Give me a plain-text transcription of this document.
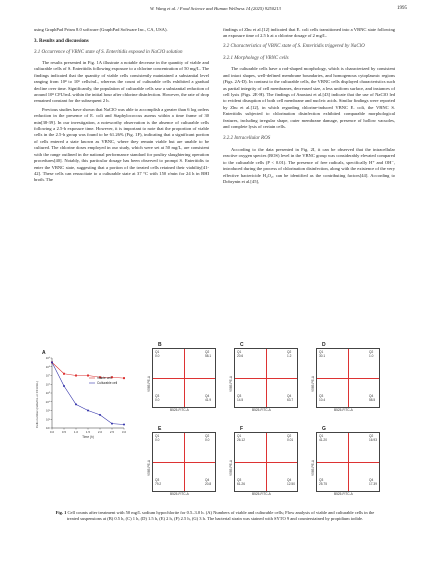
W. Wang et al. / Food Science and Human Wellness 14 (2025) 9250213	1995

using GraphPad Prism 8.0 software (GraphPad Software Inc., CA, USA).

3. Results and discussions
3.1 Occurrence of VBNC state of S. Enteritidis exposed in NaClO solution

The results presented in Fig. 1A illustrate a notable decrease in the quantity of viable and culturable cells of S. Enteritidis following exposure to a chlorine concentration of 50 mg/L. The findings indicated that the quantity of viable cells consistently maintained a substantial level ranging from 10⁸ to 10⁶ cells/mL, whereas the count of culturable cells exhibited a gradual decline over time. Significantly, the population of culturable cells saw a substantial reduction of around 10⁸ CFU/mL within the initial hour after chlorine disinfection. However, the rate of drop remained constant for the subsequent 2 h.

Previous studies have shown that NaClO was able to accomplish a greater than 6 log orders reduction in the presence of E. coli and Staphylococcus aureus within a time frame of 30 min[38-39]. In our investigation, a noteworthy observation is the absence of culturable cells following a 2.5-h exposure time. However, it is important to note that the proportion of viable cells in the 2.5-h group was found to be 61.26% (Fig. 1F), indicating that a significant portion of cells entered a state known as VBNC, where they remain viable but are unable to be cultured. The chlorine doses employed in our study, which were set at 50 mg/L, are consistent with the range outlined in the national performance standard for poultry slaughtering operation procedures[40]. Notably, this particular dosage has been observed to prompt S. Enteritidis to enter the VBNC state, suggesting that a portion of the treated cells retained their viability[41-42]. These cells can resuscitate to a culturable state at 37 °C with 150 r/min for 24 h in BHI broth. The

findings of Zhu et al.[12] indicated that E. coli cells transitioned into a VBNC state following an exposure time of 2.5 h at a chlorine dosage of 2 mg/L.

3.2 Characteristics of VBNC state of S. Enteritidis triggered by NaClO
3.2.1 Morphology of VBNC cells

The culturable cells have a rod-shaped morphology, which is characterized by consistent and intact shapes, well-defined membrane boundaries, and homogenous cytoplasmic regions (Figs. 2A-D). In contrast to the culturable cells, the VBNC cells displayed characteristics such as partial integrity of cell membranes, decreased size, a less uniform surface, and instances of cell lysis (Figs. 2E-H). The findings of Anastasi et al.[43] indicate that the use of NaClO led to evident disruption of both cell membrane and nucleic acids. Similar findings were reported by Zhu et al.[12], in which regarding chlorine-induced VBNC E. coli, the VBNC S. Enteritidis subjected to chlorination disinfection exhibited comparable morphological features, including irregular shape, outer membrane damage, presence of hollow vacuoles, and complete lysis of certain cells.

3.2.2 Intracellular ROS

According to the data presented in Fig. 2I, it can be observed that the intracellular reactive oxygen species (ROS) level in the VBNC group was considerably elevated compared to the culturable cells (P < 0.01). The presence of free radicals, specifically H⁺ and OH⁻, introduced during the process of chlorination disinfection, along with the existence of the very effective bactericide H₂O₂, can be identified as the contributing factors[44]. According to Dobrynin et al.[45],

A
0.0	0.5	1.0	1.5	2.0	2.5	3.0
10¹
10²
10³
10⁴
10⁵
10⁶
10⁷
10⁸
10⁹
Viable cell
Culturable cell
Cells number (cells/mL or CFU/mL)
Time (h)
B
Q1
0.0
Q2
58.1
Q3
0.0
Q4
41.9
Y585-PE-A
B525-FITC-A
C
Q1
20.6
Q2
1.2
Q3
14.5
Q4
63.7
Y585-PE-A
B525-FITC-A
D
Q1
30.1
Q2
1.0
Q3
10.4
Q4
58.5
Y585-PE-A
B525-FITC-A
E
Q1
0.0
Q2
0.0
Q3
79.2
Q4
20.8
Y585-PE-A
B525-FITC-A
F
Q1
26.12
Q2
0.01
Q3
61.26
Q4
12.50
Y585-PE-A
B525-FITC-A
G
Q1
41.20
Q2
16.93
Q3
25.75
Q4
17.39
Y585-PE-A
B525-FITC-A
Fig. 1 Cell counts after treatment with 50 mg/L sodium hypochlorite for 0.5–3.0 h. (A) Numbers of viable and culturable cells; Flow analysis of viable and culturable cells in the treated suspensions at (B) 0.5 h, (C) 1 h, (D) 1.5 h, (E) 2 h, (F) 2.5 h, (G) 3 h. The bacterial strain was stained with SYTO 9 and counterstained by propidium iodide.
